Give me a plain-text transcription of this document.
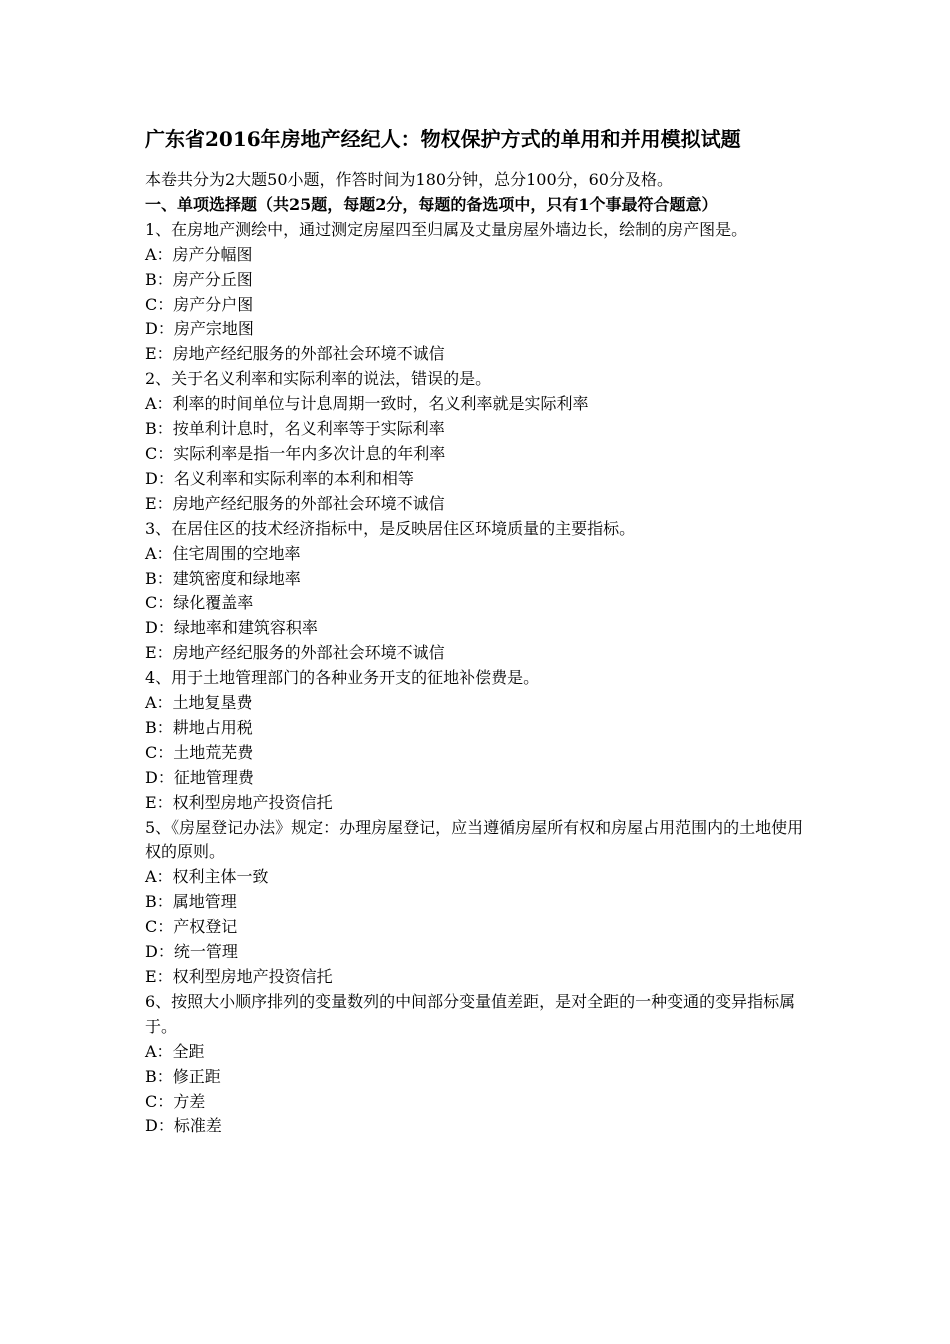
广东省2016年房地产经纪人：物权保护方式的单用和并用模拟试题
本卷共分为2大题50小题，作答时间为180分钟，总分100分，60分及格。
一、单项选择题（共25题，每题2分，每题的备选项中，只有1个事最符合题意）
1、在房地产测绘中，通过测定房屋四至归属及丈量房屋外墙边长，绘制的房产图是。
A：房产分幅图
B：房产分丘图
C：房产分户图
D：房产宗地图
E：房地产经纪服务的外部社会环境不诚信
2、关于名义利率和实际利率的说法，错误的是。
A：利率的时间单位与计息周期一致时，名义利率就是实际利率
B：按单利计息时，名义利率等于实际利率
C：实际利率是指一年内多次计息的年利率
D：名义利率和实际利率的本利和相等
E：房地产经纪服务的外部社会环境不诚信
3、在居住区的技术经济指标中，是反映居住区环境质量的主要指标。
A：住宅周围的空地率
B：建筑密度和绿地率
C：绿化覆盖率
D：绿地率和建筑容积率
E：房地产经纪服务的外部社会环境不诚信
4、用于土地管理部门的各种业务开支的征地补偿费是。
A：土地复垦费
B：耕地占用税
C：土地荒芜费
D：征地管理费
E：权利型房地产投资信托
5、《房屋登记办法》规定：办理房屋登记，应当遵循房屋所有权和房屋占用范围内的土地使用权的原则。
A：权利主体一致
B：属地管理
C：产权登记
D：统一管理
E：权利型房地产投资信托
6、按照大小顺序排列的变量数列的中间部分变量值差距，是对全距的一种变通的变异指标属于。
A：全距
B：修正距
C：方差
D：标准差
